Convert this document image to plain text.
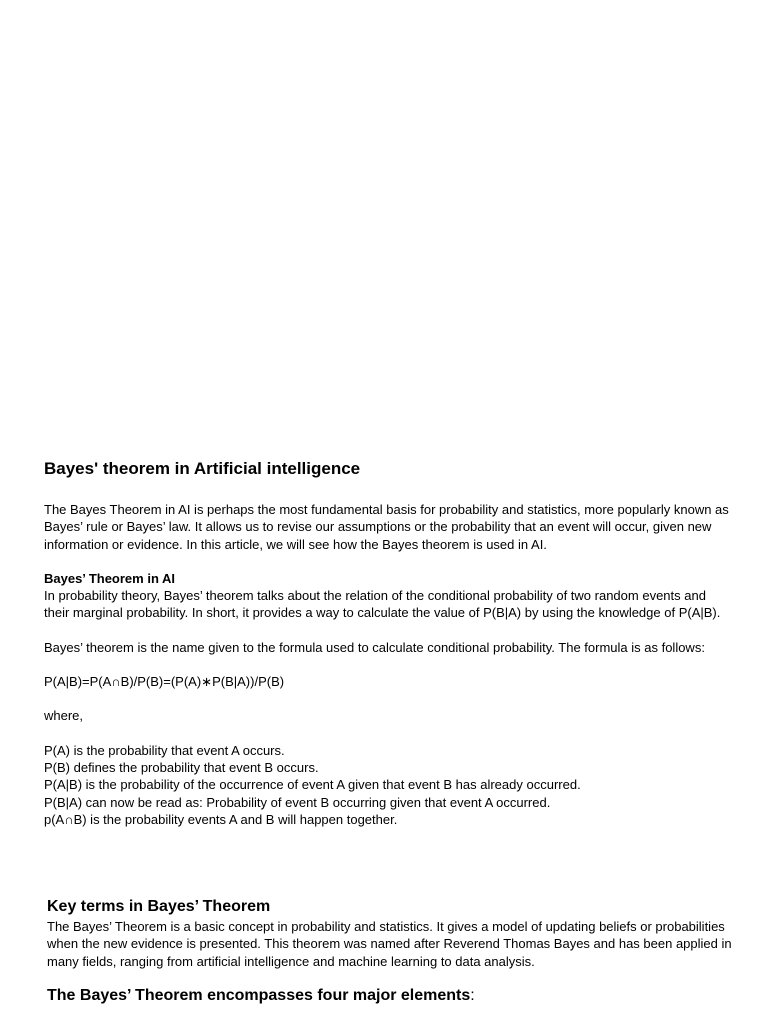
Bayes' theorem in Artificial intelligence

The Bayes Theorem in AI is perhaps the most fundamental basis for probability and statistics, more popularly known as Bayes’ rule or Bayes’ law. It allows us to revise our assumptions or the probability that an event will occur, given new information or evidence. In this article, we will see how the Bayes theorem is used in AI.

Bayes’ Theorem in AI

In probability theory, Bayes’ theorem talks about the relation of the conditional probability of two random events and their marginal probability. In short, it provides a way to calculate the value of P(B|A) by using the knowledge of P(A|B).

Bayes’ theorem is the name given to the formula used to calculate conditional probability. The formula is as follows:

P(A|B)=P(A∩B)/P(B)=(P(A)∗P(B|A))/P(B)

where,

P(A) is the probability that event A occurs.
P(B) defines the probability that event B occurs.
P(A|B) is the probability of the occurrence of event A given that event B has already occurred.
P(B|A) can now be read as: Probability of event B occurring given that event A occurred.
p(A∩B) is the probability events A and B will happen together.
Key terms in Bayes’ Theorem

The Bayes’ Theorem is a basic concept in probability and statistics. It gives a model of updating beliefs or probabilities when the new evidence is presented. This theorem was named after Reverend Thomas Bayes and has been applied in many fields, ranging from artificial intelligence and machine learning to data analysis.

The Bayes’ Theorem encompasses four major elements:
